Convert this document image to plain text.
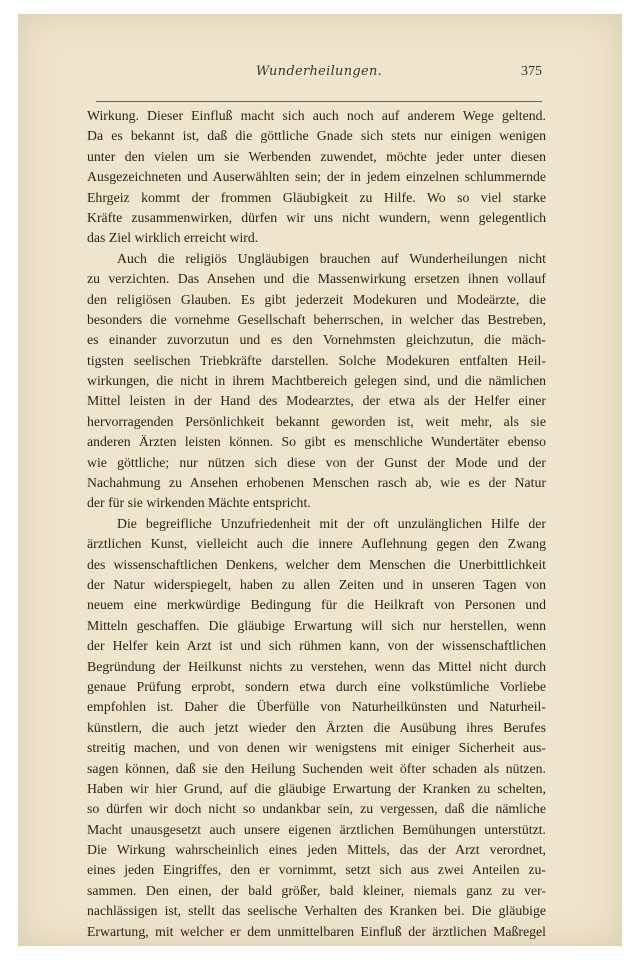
Wunderheilungen.	375
Wirkung. Dieser Einfluß macht sich auch noch auf anderem Wege geltend.
Da es bekannt ist, daß die göttliche Gnade sich stets nur einigen wenigen
unter den vielen um sie Werbenden zuwendet, möchte jeder unter diesen
Ausgezeichneten und Auserwählten sein; der in jedem einzelnen schlummernde
Ehrgeiz kommt der frommen Gläubigkeit zu Hilfe. Wo so viel starke
Kräfte zusammenwirken, dürfen wir uns nicht wundern, wenn gelegentlich
das Ziel wirklich erreicht wird.
Auch die religiös Ungläubigen brauchen auf Wunderheilungen nicht
zu verzichten. Das Ansehen und die Massenwirkung ersetzen ihnen vollauf
den religiösen Glauben. Es gibt jederzeit Modekuren und Modeärzte, die
besonders die vornehme Gesellschaft beherrschen, in welcher das Bestreben,
es einander zuvorzutun und es den Vornehmsten gleichzutun, die mäch-
tigsten seelischen Triebkräfte darstellen. Solche Modekuren entfalten Heil-
wirkungen, die nicht in ihrem Machtbereich gelegen sind, und die nämlichen
Mittel leisten in der Hand des Modearztes, der etwa als der Helfer einer
hervorragenden Persönlichkeit bekannt geworden ist, weit mehr, als sie
anderen Ärzten leisten können. So gibt es menschliche Wundertäter ebenso
wie göttliche; nur nützen sich diese von der Gunst der Mode und der
Nachahmung zu Ansehen erhobenen Menschen rasch ab, wie es der Natur
der für sie wirkenden Mächte entspricht.
Die begreifliche Unzufriedenheit mit der oft unzulänglichen Hilfe der
ärztlichen Kunst, vielleicht auch die innere Auflehnung gegen den Zwang
des wissenschaftlichen Denkens, welcher dem Menschen die Unerbittlichkeit
der Natur widerspiegelt, haben zu allen Zeiten und in unseren Tagen von
neuem eine merkwürdige Bedingung für die Heilkraft von Personen und
Mitteln geschaffen. Die gläubige Erwartung will sich nur herstellen, wenn
der Helfer kein Arzt ist und sich rühmen kann, von der wissenschaftlichen
Begründung der Heilkunst nichts zu verstehen, wenn das Mittel nicht durch
genaue Prüfung erprobt, sondern etwa durch eine volkstümliche Vorliebe
empfohlen ist. Daher die Überfülle von Naturheilkünsten und Naturheil-
künstlern, die auch jetzt wieder den Ärzten die Ausübung ihres Berufes
streitig machen, und von denen wir wenigstens mit einiger Sicherheit aus-
sagen können, daß sie den Heilung Suchenden weit öfter schaden als nützen.
Haben wir hier Grund, auf die gläubige Erwartung der Kranken zu schelten,
so dürfen wir doch nicht so undankbar sein, zu vergessen, daß die nämliche
Macht unausgesetzt auch unsere eigenen ärztlichen Bemühungen unterstützt.
Die Wirkung wahrscheinlich eines jeden Mittels, das der Arzt verordnet,
eines jeden Eingriffes, den er vornimmt, setzt sich aus zwei Anteilen zu-
sammen. Den einen, der bald größer, bald kleiner, niemals ganz zu ver-
nachlässigen ist, stellt das seelische Verhalten des Kranken bei. Die gläubige
Erwartung, mit welcher er dem unmittelbaren Einfluß der ärztlichen Maßregel
